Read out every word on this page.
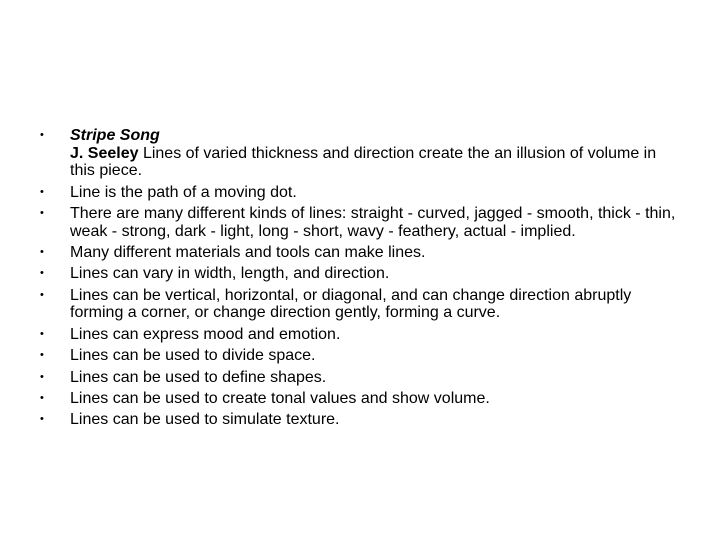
• Stripe Song
J. Seeley Lines of varied thickness and direction create the an illusion of volume in this piece.
• Line is the path of a moving dot.
• There are many different kinds of lines: straight - curved, jagged - smooth, thick - thin, weak - strong, dark - light, long - short, wavy - feathery, actual - implied.
• Many different materials and tools can make lines.
• Lines can vary in width, length, and direction.
• Lines can be vertical, horizontal, or diagonal, and can change direction abruptly forming a corner, or change direction gently, forming a curve.
• Lines can express mood and emotion.
• Lines can be used to divide space.
• Lines can be used to define shapes.
• Lines can be used to create tonal values and show volume.
• Lines can be used to simulate texture.
